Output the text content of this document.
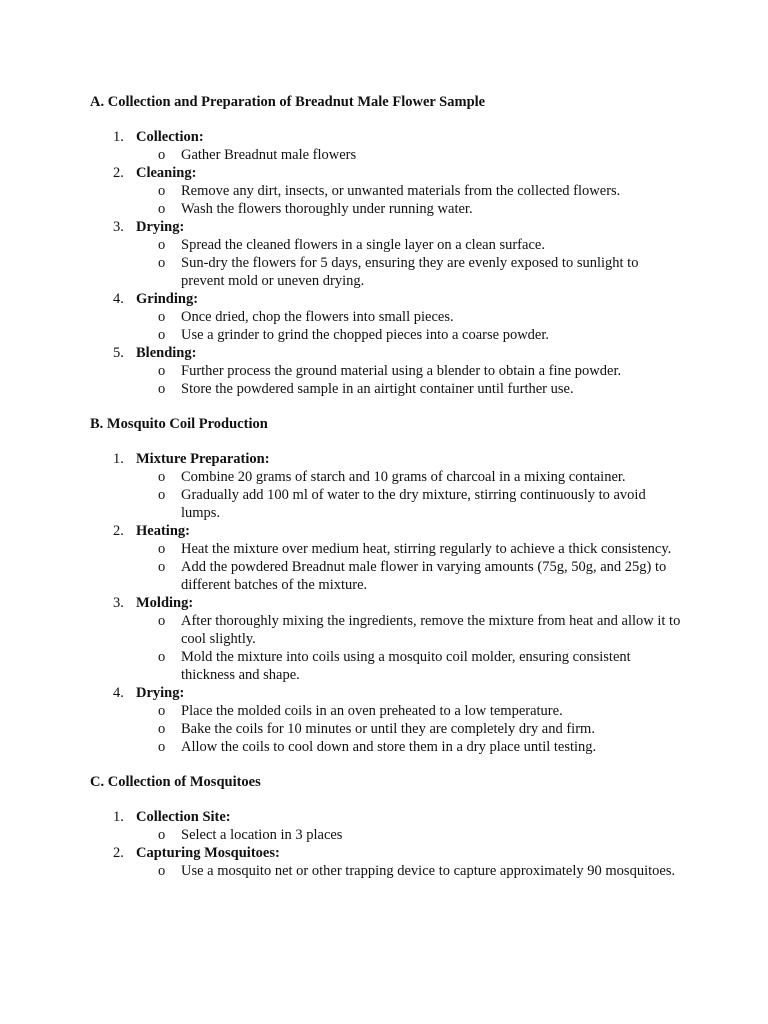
A. Collection and Preparation of Breadnut Male Flower Sample
1. Collection:
o Gather Breadnut male flowers
2. Cleaning:
o Remove any dirt, insects, or unwanted materials from the collected flowers.
o Wash the flowers thoroughly under running water.
3. Drying:
o Spread the cleaned flowers in a single layer on a clean surface.
o Sun-dry the flowers for 5 days, ensuring they are evenly exposed to sunlight to prevent mold or uneven drying.
4. Grinding:
o Once dried, chop the flowers into small pieces.
o Use a grinder to grind the chopped pieces into a coarse powder.
5. Blending:
o Further process the ground material using a blender to obtain a fine powder.
o Store the powdered sample in an airtight container until further use.
B. Mosquito Coil Production
1. Mixture Preparation:
o Combine 20 grams of starch and 10 grams of charcoal in a mixing container.
o Gradually add 100 ml of water to the dry mixture, stirring continuously to avoid lumps.
2. Heating:
o Heat the mixture over medium heat, stirring regularly to achieve a thick consistency.
o Add the powdered Breadnut male flower in varying amounts (75g, 50g, and 25g) to different batches of the mixture.
3. Molding:
o After thoroughly mixing the ingredients, remove the mixture from heat and allow it to cool slightly.
o Mold the mixture into coils using a mosquito coil molder, ensuring consistent thickness and shape.
4. Drying:
o Place the molded coils in an oven preheated to a low temperature.
o Bake the coils for 10 minutes or until they are completely dry and firm.
o Allow the coils to cool down and store them in a dry place until testing.
C. Collection of Mosquitoes
1. Collection Site:
o Select a location in 3 places
2. Capturing Mosquitoes:
o Use a mosquito net or other trapping device to capture approximately 90 mosquitoes.
